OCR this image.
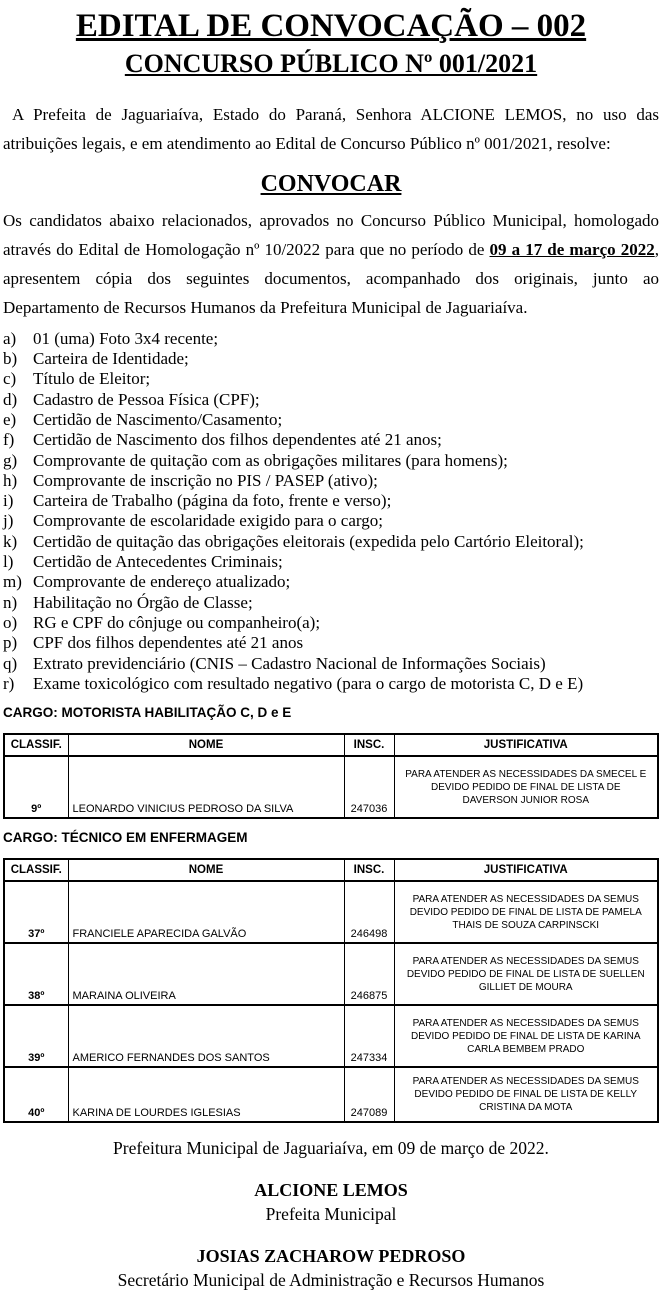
EDITAL DE CONVOCAÇÃO – 002
CONCURSO PÚBLICO Nº 001/2021

A Prefeita de Jaguariaíva, Estado do Paraná, Senhora ALCIONE LEMOS, no uso das atribuições legais, e em atendimento ao Edital de Concurso Público nº 001/2021, resolve:

CONVOCAR

Os candidatos abaixo relacionados, aprovados no Concurso Público Municipal, homologado através do Edital de Homologação nº 10/2022 para que no período de 09 a 17 de março 2022, apresentem cópia dos seguintes documentos, acompanhado dos originais, junto ao Departamento de Recursos Humanos da Prefeitura Municipal de Jaguariaíva.

a) 01 (uma) Foto 3x4 recente;
b) Carteira de Identidade;
c) Título de Eleitor;
d) Cadastro de Pessoa Física (CPF);
e) Certidão de Nascimento/Casamento;
f)	Certidão de Nascimento dos filhos dependentes até 21 anos;
g) Comprovante de quitação com as obrigações militares (para homens);
h) Comprovante de inscrição no PIS / PASEP (ativo);
i)	Carteira de Trabalho (página da foto, frente e verso);
j)	Comprovante de escolaridade exigido para o cargo;
k) Certidão de quitação das obrigações eleitorais (expedida pelo Cartório Eleitoral);
l)	Certidão de Antecedentes Criminais;
m) Comprovante de endereço atualizado;
n) Habilitação no Órgão de Classe;
o) RG e CPF do cônjuge ou companheiro(a);
p) CPF dos filhos dependentes até 21 anos
q) Extrato previdenciário (CNIS – Cadastro Nacional de Informações Sociais)
r)	Exame toxicológico com resultado negativo (para o cargo de motorista C, D e E)
CARGO: MOTORISTA HABILITAÇÃO C, D e E
CLASSIF.	NOME	INSC.	JUSTIFICATIVA
9º	LEONARDO VINICIUS PEDROSO DA SILVA	247036	PARA ATENDER AS NECESSIDADES DA SMECEL E DEVIDO PEDIDO DE FINAL DE LISTA DE DAVERSON JUNIOR ROSA
CARGO: TÉCNICO EM ENFERMAGEM
CLASSIF.	NOME	INSC.	JUSTIFICATIVA
37º	FRANCIELE APARECIDA GALVÃO	246498	PARA ATENDER AS NECESSIDADES DA SEMUS DEVIDO PEDIDO DE FINAL DE LISTA DE PAMELA THAIS DE SOUZA CARPINSCKI
38º	MARAINA OLIVEIRA	246875	PARA ATENDER AS NECESSIDADES DA SEMUS DEVIDO PEDIDO DE FINAL DE LISTA DE SUELLEN GILLIET DE MOURA
39º	AMERICO FERNANDES DOS SANTOS	247334	PARA ATENDER AS NECESSIDADES DA SEMUS DEVIDO PEDIDO DE FINAL DE LISTA DE KARINA CARLA BEMBEM PRADO
40º	KARINA DE LOURDES IGLESIAS	247089	PARA ATENDER AS NECESSIDADES DA SEMUS DEVIDO PEDIDO DE FINAL DE LISTA DE KELLY CRISTINA DA MOTA
Prefeitura Municipal de Jaguariaíva, em 09 de março de 2022.
ALCIONE LEMOS
Prefeita Municipal
JOSIAS ZACHAROW PEDROSO
Secretário Municipal de Administração e Recursos Humanos
